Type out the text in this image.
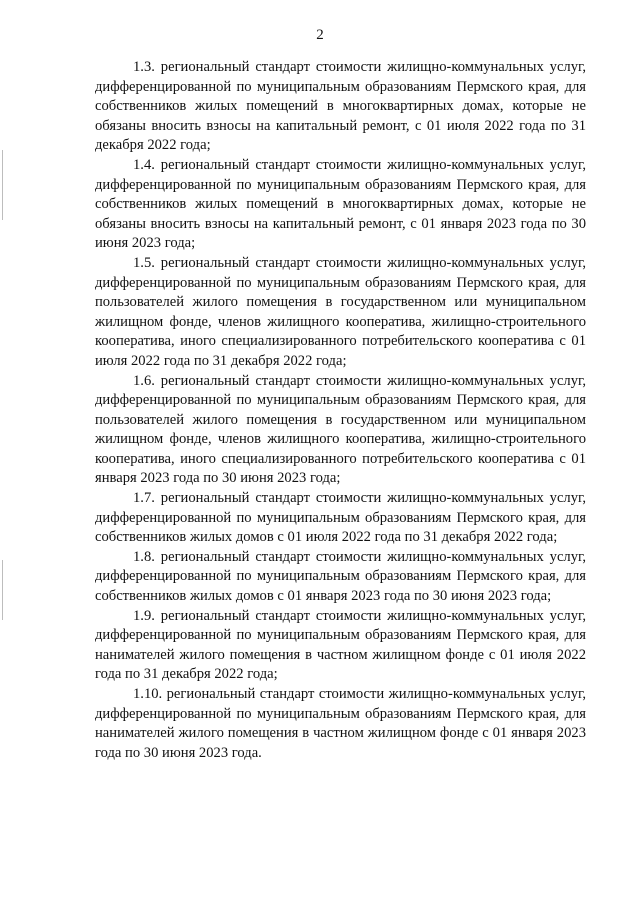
2

1.3. региональный стандарт стоимости жилищно-коммунальных услуг, дифференцированной по муниципальным образованиям Пермского края, для собственников жилых помещений в многоквартирных домах, которые не обязаны вносить взносы на капитальный ремонт, с 01 июля 2022 года по 31 декабря 2022 года;

1.4. региональный стандарт стоимости жилищно-коммунальных услуг, дифференцированной по муниципальным образованиям Пермского края, для собственников жилых помещений в многоквартирных домах, которые не обязаны вносить взносы на капитальный ремонт, с 01 января 2023 года по 30 июня 2023 года;

1.5. региональный стандарт стоимости жилищно-коммунальных услуг, дифференцированной по муниципальным образованиям Пермского края, для пользователей жилого помещения в государственном или муниципальном жилищном фонде, членов жилищного кооператива, жилищно-строительного кооператива, иного специализированного потребительского кооператива с 01 июля 2022 года по 31 декабря 2022 года;

1.6. региональный стандарт стоимости жилищно-коммунальных услуг, дифференцированной по муниципальным образованиям Пермского края, для пользователей жилого помещения в государственном или муниципальном жилищном фонде, членов жилищного кооператива, жилищно-строительного кооператива, иного специализированного потребительского кооператива с 01 января 2023 года по 30 июня 2023 года;

1.7. региональный стандарт стоимости жилищно-коммунальных услуг, дифференцированной по муниципальным образованиям Пермского края, для собственников жилых домов с 01 июля 2022 года по 31 декабря 2022 года;

1.8. региональный стандарт стоимости жилищно-коммунальных услуг, дифференцированной по муниципальным образованиям Пермского края, для собственников жилых домов с 01 января 2023 года по 30 июня 2023 года;

1.9. региональный стандарт стоимости жилищно-коммунальных услуг, дифференцированной по муниципальным образованиям Пермского края, для нанимателей жилого помещения в частном жилищном фонде с 01 июля 2022 года по 31 декабря 2022 года;

1.10. региональный стандарт стоимости жилищно-коммунальных услуг, дифференцированной по муниципальным образованиям Пермского края, для нанимателей жилого помещения в частном жилищном фонде с 01 января 2023 года по 30 июня 2023 года.
